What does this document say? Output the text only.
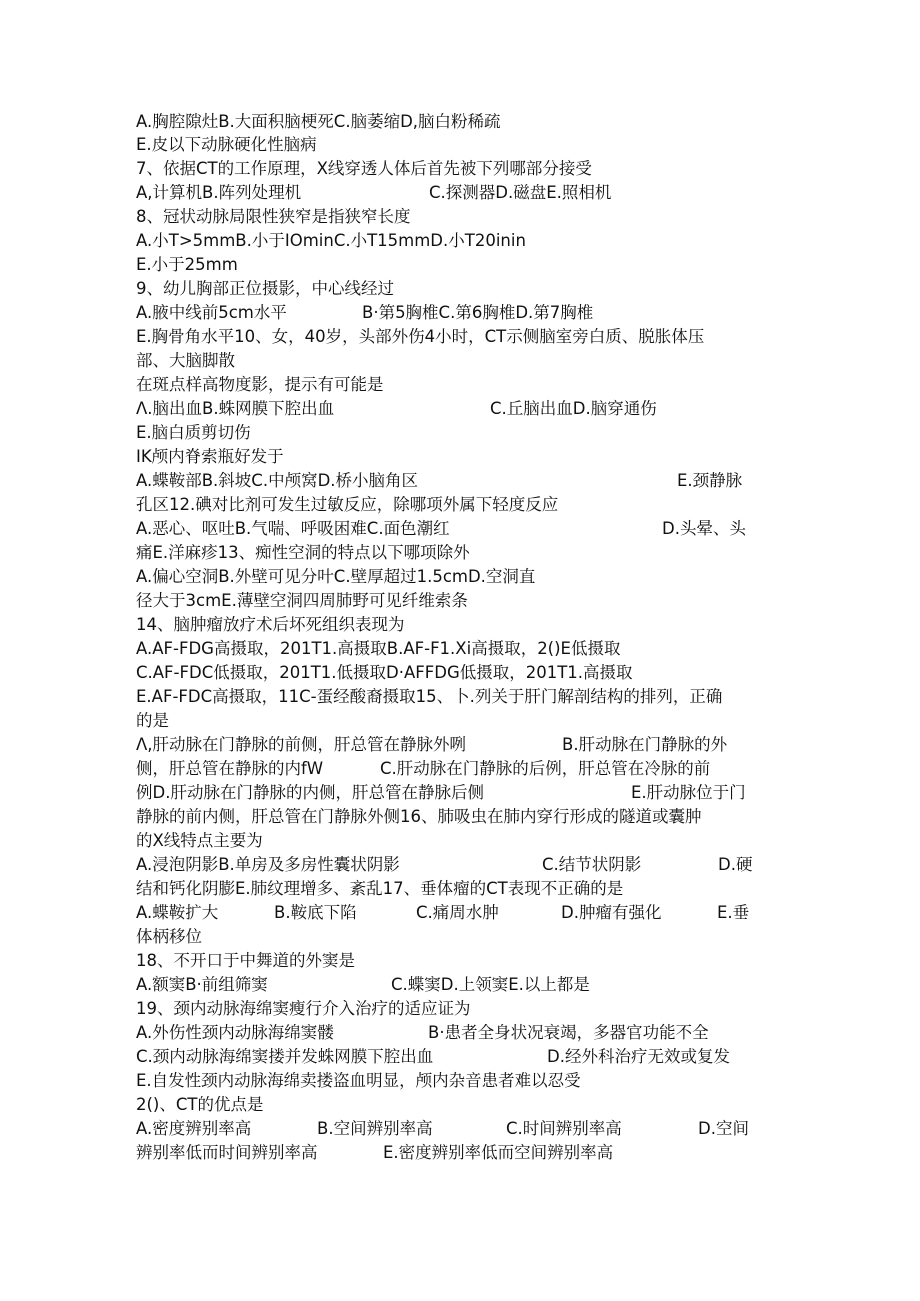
A.胸腔隙灶B.大面积脑梗死C.脑萎缩D,脑白粉稀疏
E.皮以下动脉硬化性脑病
7、依据CT的工作原理，X线穿透人体后首先被下列哪部分接受
A,计算机B.阵列处理机	C.探测器D.磁盘E.照相机
8、冠状动脉局限性狭窄是指狭窄长度
A.小T>5mmB.小于IOminC.小T15mmD.小T20inin
E.小于25mm
9、幼儿胸部正位摄影，中心线经过
A.腋中线前5cm水平	B·第5胸椎C.第6胸椎D.第7胸椎
E.胸骨角水平10、女，40岁，头部外伤4小时，CT示侧脑室旁白质、脱胀体压
部、大脑脚散
在斑点样高物度影，提示有可能是
Λ.脑出血B.蛛网膜下腔出血	C.丘脑出血D.脑穿通伤
E.脑白质剪切伤
IK颅内脊索瓶好发于
A.蝶鞍部B.斜坡C.中颅窝D.桥小脑角区	E.颈静脉
孔区12.碘对比剂可发生过敏反应，除哪项外属下轻度反应
A.恶心、呕吐B.气喘、呼吸困难C.面色潮红	D.头晕、头
痛E.洋麻疹13、痴性空洞的特点以下哪项除外
A.偏心空洞B.外壁可见分叶C.壁厚超过1.5cmD.空洞直
径大于3cmE.薄壁空洞四周肺野可见纤维索条
14、脑肿瘤放疗术后坏死组织表现为
A.AF-FDG高摄取，201T1.高摄取B.AF-F1.Xi高摄取，2()E低摄取
C.AF-FDC低摄取，201T1.低摄取D·AFFDG低摄取，201T1.高摄取
E.AF-FDC高摄取，11C-蛋经酸裔摄取15、卜.列关于肝门解剖结构的排列，正确
的是
Λ,肝动脉在门静脉的前侧，肝总管在静脉外咧	B.肝动脉在门静脉的外
侧，肝总管在静脉的内fW	C.肝动脉在门静脉的后例，肝总管在冷脉的前
例D.肝动脉在门静脉的内侧，肝总管在静脉后侧	E.肝动脉位于门
静脉的前内侧，肝总管在门静脉外侧16、肺吸虫在肺内穿行形成的隧道或囊肿
的X线特点主要为
A.浸泡阴影B.单房及多房性囊状阴影	C.结节状阴影	D.硬
结和钙化阴膨E.肺纹理增多、紊乱17、垂体瘤的CT表现不正确的是
A.蝶鞍扩大	B.鞍底下陷	C.痛周水肿	D.肿瘤有强化	E.垂
体柄移位
18、不开口于中舞道的外窦是
A.额窦B·前组筛窦	C.蝶窦D.上领窦E.以上都是
19、颈内动脉海绵窦瘦行介入治疗的适应证为
A.外伤性颈内动脉海绵窦髅	B·患者全身状况衰竭，多器官功能不全
C.颈内动脉海绵窦搂并发蛛网膜下腔出血	D.经外科治疗无效或复发
E.自发性颈内动脉海绵卖搂盗血明显，颅内杂音患者难以忍受
2()、CT的优点是
A.密度辨别率高	B.空间辨别率高	C.时间辨别率高	D.空间
辨别率低而时间辨别率高	E.密度辨别率低而空间辨别率高
